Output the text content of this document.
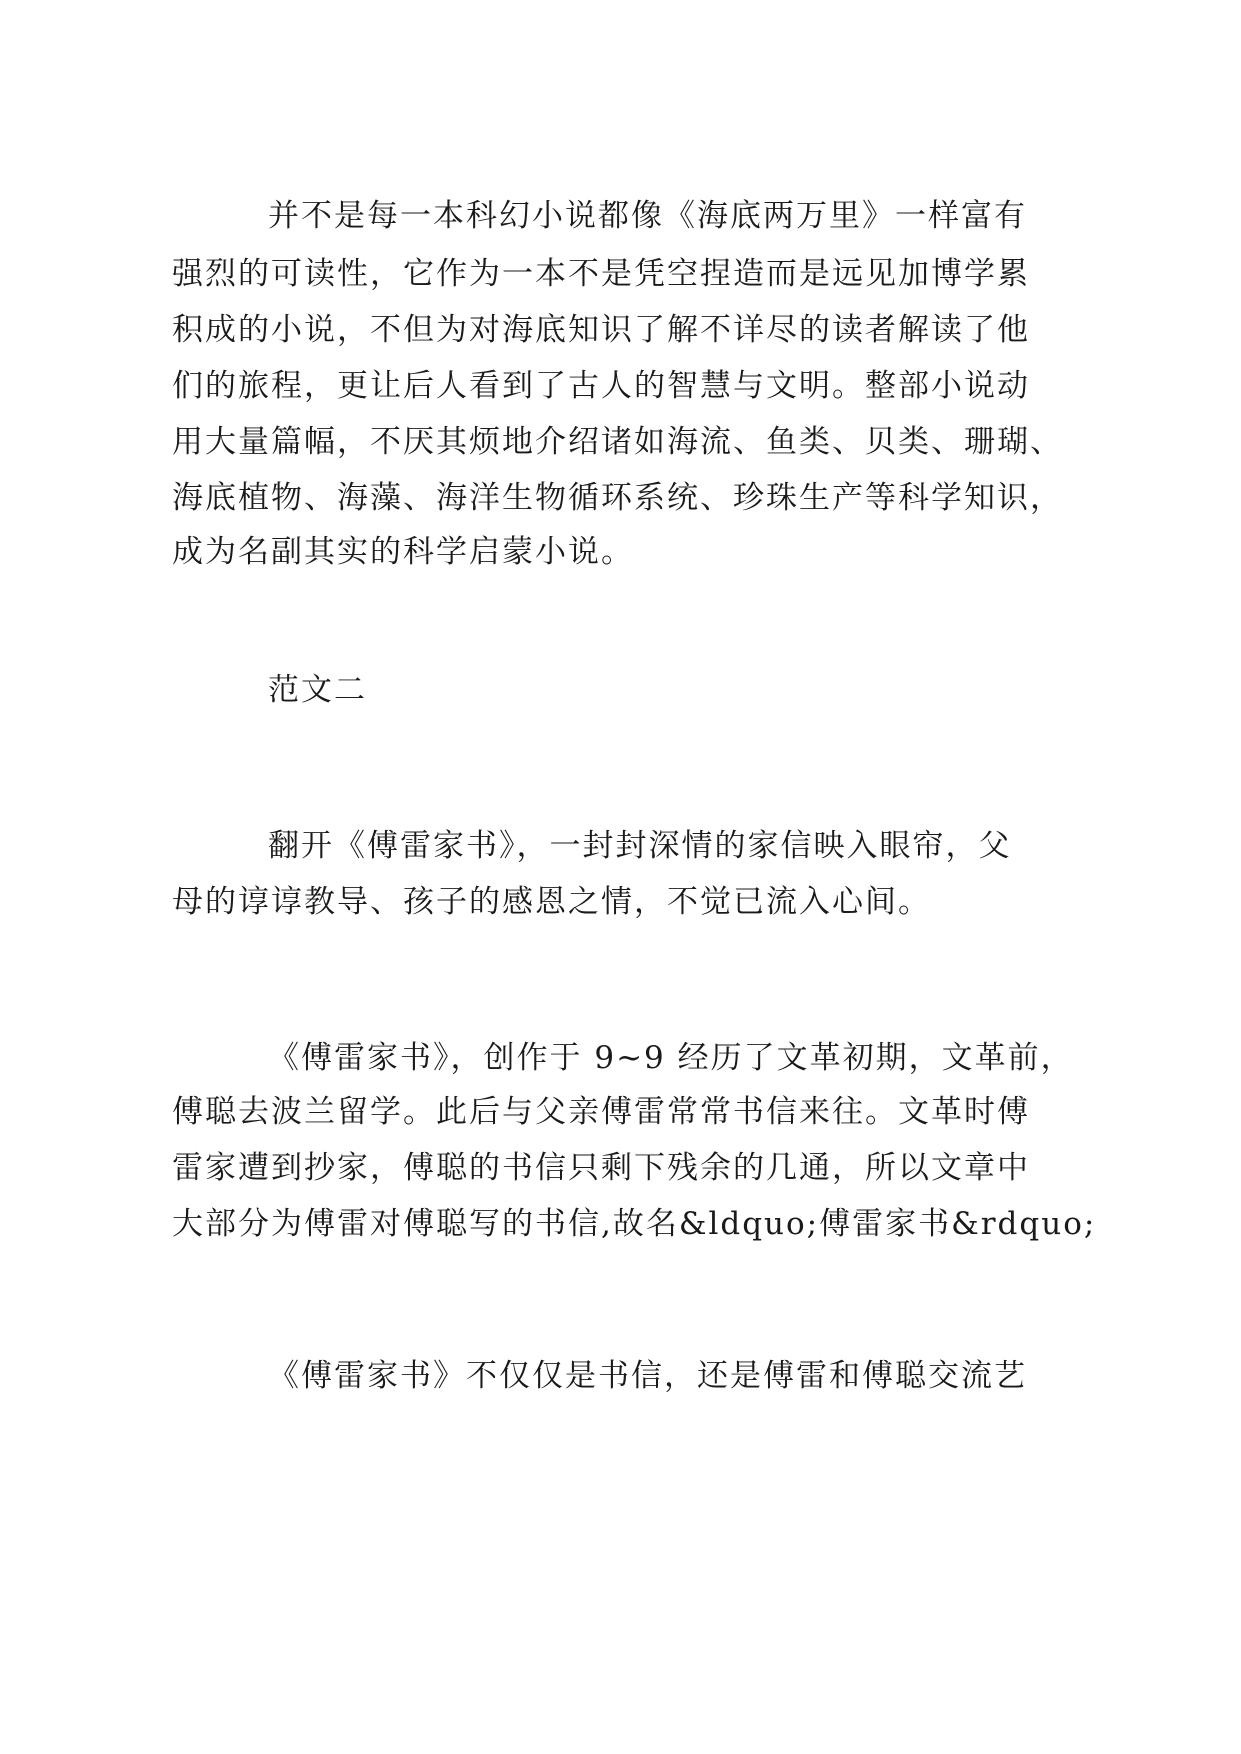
并不是每一本科幻小说都像《海底两万里》一样富有
强烈的可读性，它作为一本不是凭空捏造而是远见加博学累
积成的小说，不但为对海底知识了解不详尽的读者解读了他
们的旅程，更让后人看到了古人的智慧与文明。整部小说动
用大量篇幅，不厌其烦地介绍诸如海流、鱼类、贝类、珊瑚、
海底植物、海藻、海洋生物循环系统、珍珠生产等科学知识，
成为名副其实的科学启蒙小说。
范文二
翻开《傅雷家书》，一封封深情的家信映入眼帘，父
母的谆谆教导、孩子的感恩之情，不觉已流入心间。
《傅雷家书》，创作于 9~9 经历了文革初期，文革前，
傅聪去波兰留学。此后与父亲傅雷常常书信来往。文革时傅
雷家遭到抄家，傅聪的书信只剩下残余的几通，所以文章中
大部分为傅雷对傅聪写的书信,故名&ldquo;傅雷家书&rdquo;
《傅雷家书》不仅仅是书信，还是傅雷和傅聪交流艺
